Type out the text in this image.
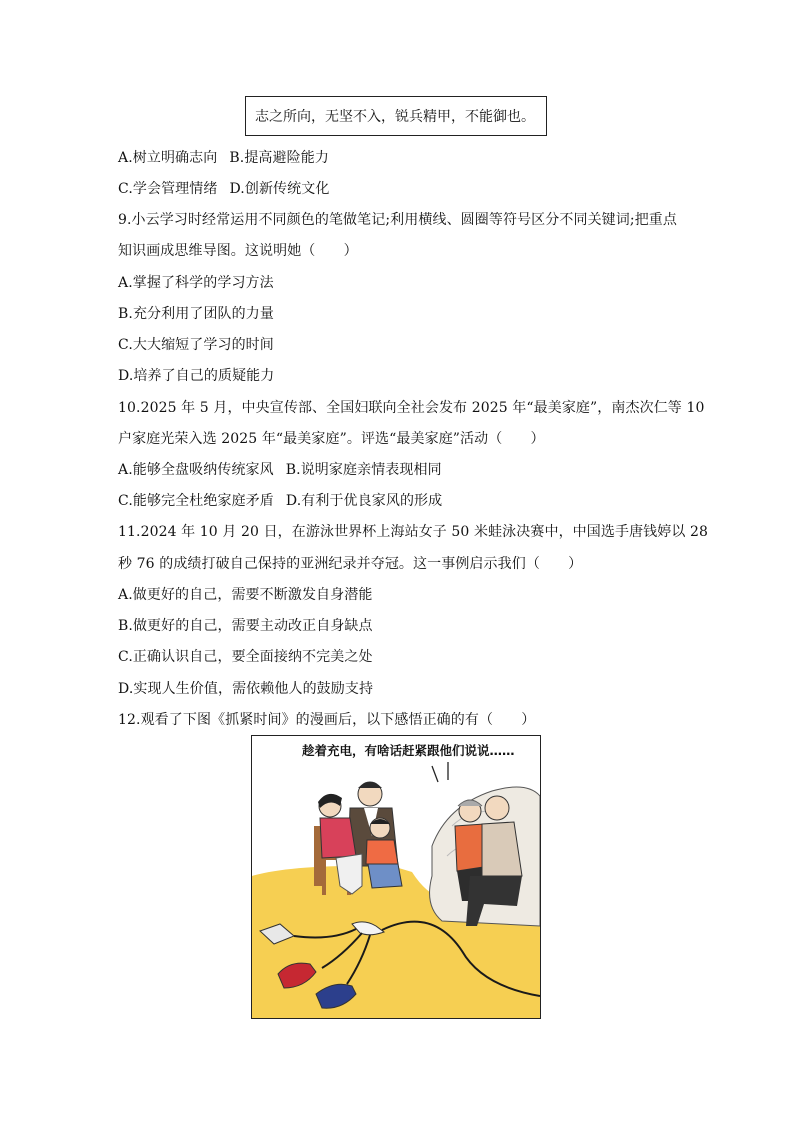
志之所向，无坚不入，锐兵精甲，不能御也。
A.树立明确志向 B.提高避险能力
C.学会管理情绪 D.创新传统文化
9.小云学习时经常运用不同颜色的笔做笔记;利用横线、圆圈等符号区分不同关键词;把重点
知识画成思维导图。这说明她（　　）
A.掌握了科学的学习方法
B.充分利用了团队的力量
C.大大缩短了学习的时间
D.培养了自己的质疑能力
10.2025 年 5 月，中央宣传部、全国妇联向全社会发布 2025 年“最美家庭”，南杰次仁等 10
户家庭光荣入选 2025 年“最美家庭”。评选“最美家庭”活动（　　）
A.能够全盘吸纳传统家风 B.说明家庭亲情表现相同
C.能够完全杜绝家庭矛盾 D.有利于优良家风的形成
11.2024 年 10 月 20 日，在游泳世界杯上海站女子 50 米蛙泳决赛中，中国选手唐钱婷以 28
秒 76 的成绩打破自己保持的亚洲纪录并夺冠。这一事例启示我们（　　）
A.做更好的自己，需要不断激发自身潜能
B.做更好的自己，需要主动改正自身缺点
C.正确认识自己，要全面接纳不完美之处
D.实现人生价值，需依赖他人的鼓励支持
12.观看了下图《抓紧时间》的漫画后，以下感悟正确的有（　　）
趁着充电，有啥话赶紧跟他们说说……
